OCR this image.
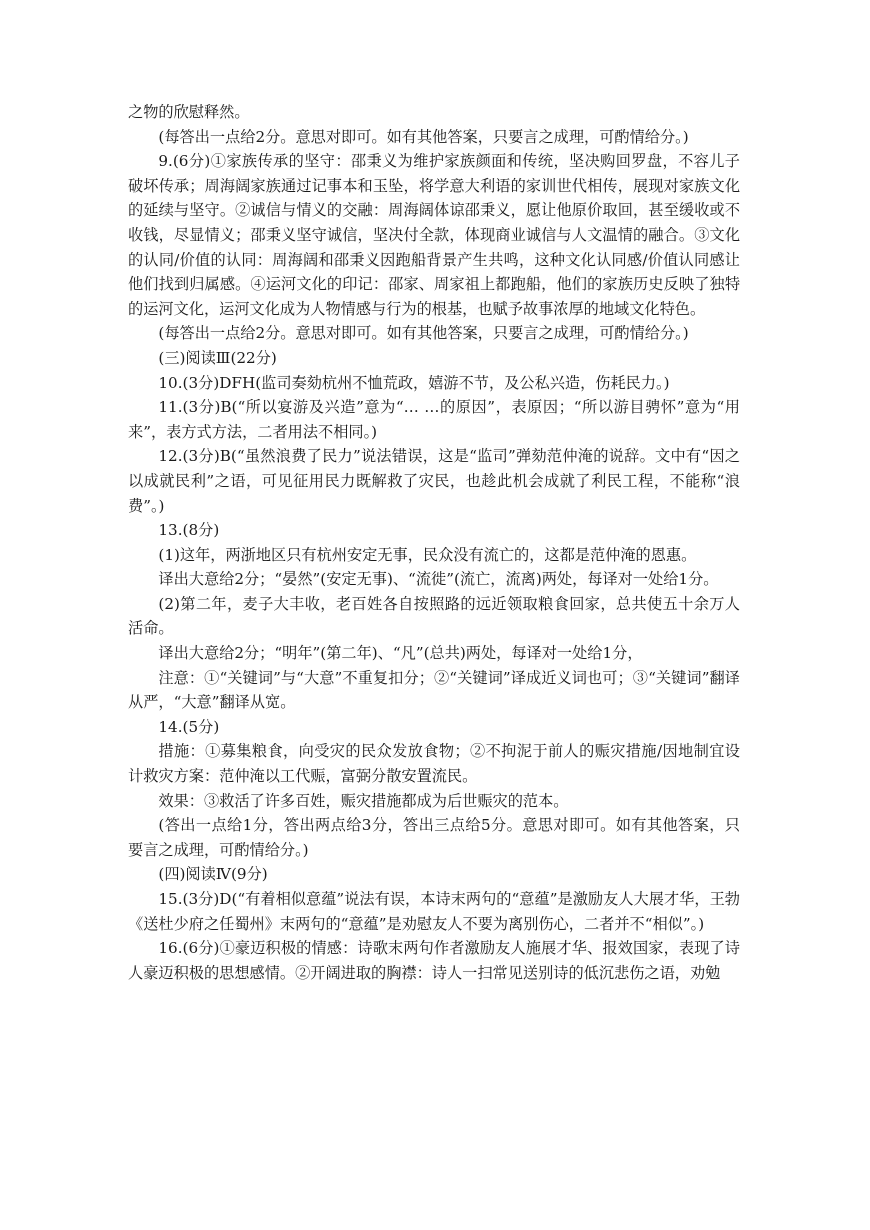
之物的欣慰释然。

(每答出一点给2分。意思对即可。如有其他答案，只要言之成理，可酌情给分。)

9.(6分)①家族传承的坚守：邵秉义为维护家族颜面和传统，坚决购回罗盘，不容儿子破坏传承；周海阔家族通过记事本和玉坠，将学意大利语的家训世代相传，展现对家族文化的延续与坚守。②诚信与情义的交融：周海阔体谅邵秉义，愿让他原价取回，甚至缓收或不收钱，尽显情义；邵秉义坚守诚信，坚决付全款，体现商业诚信与人文温情的融合。③文化的认同/价值的认同：周海阔和邵秉义因跑船背景产生共鸣，这种文化认同感/价值认同感让他们找到归属感。④运河文化的印记：邵家、周家祖上都跑船，他们的家族历史反映了独特的运河文化，运河文化成为人物情感与行为的根基，也赋予故事浓厚的地域文化特色。

(每答出一点给2分。意思对即可。如有其他答案，只要言之成理，可酌情给分。)

(三)阅读Ⅲ(22分)

10.(3分)DFH(监司奏劾杭州不恤荒政，嬉游不节，及公私兴造，伤耗民力。)

11.(3分)B(“所以宴游及兴造”意为“… …的原因”，表原因；“所以游目骋怀”意为“用来”，表方式方法，二者用法不相同。)

12.(3分)B(“虽然浪费了民力”说法错误，这是“监司”弹劾范仲淹的说辞。文中有“因之以成就民利”之语，可见征用民力既解救了灾民，也趁此机会成就了利民工程，不能称“浪费”。)

13.(8分)

(1)这年，两浙地区只有杭州安定无事，民众没有流亡的，这都是范仲淹的恩惠。

译出大意给2分；“晏然”(安定无事)、“流徙”(流亡，流离)两处，每译对一处给1分。

(2)第二年，麦子大丰收，老百姓各自按照路的远近领取粮食回家，总共使五十余万人活命。

译出大意给2分；“明年”(第二年)、“凡”(总共)两处，每译对一处给1分，

注意：①“关键词”与“大意”不重复扣分；②“关键词”译成近义词也可；③“关键词”翻译从严，“大意”翻译从宽。

14.(5分)

措施：①募集粮食，向受灾的民众发放食物；②不拘泥于前人的赈灾措施/因地制宜设计救灾方案：范仲淹以工代赈，富弼分散安置流民。

效果：③救活了许多百姓，赈灾措施都成为后世赈灾的范本。

(答出一点给1分，答出两点给3分，答出三点给5分。意思对即可。如有其他答案，只要言之成理，可酌情给分。)

(四)阅读Ⅳ(9分)

15.(3分)D(“有着相似意蕴”说法有误，本诗末两句的“意蕴”是激励友人大展才华，王勃《送杜少府之任蜀州》末两句的“意蕴”是劝慰友人不要为离别伤心，二者并不“相似”。)

16.(6分)①豪迈积极的情感：诗歌末两句作者激励友人施展才华、报效国家，表现了诗人豪迈积极的思想感情。②开阔进取的胸襟：诗人一扫常见送别诗的低沉悲伤之语，劝勉
